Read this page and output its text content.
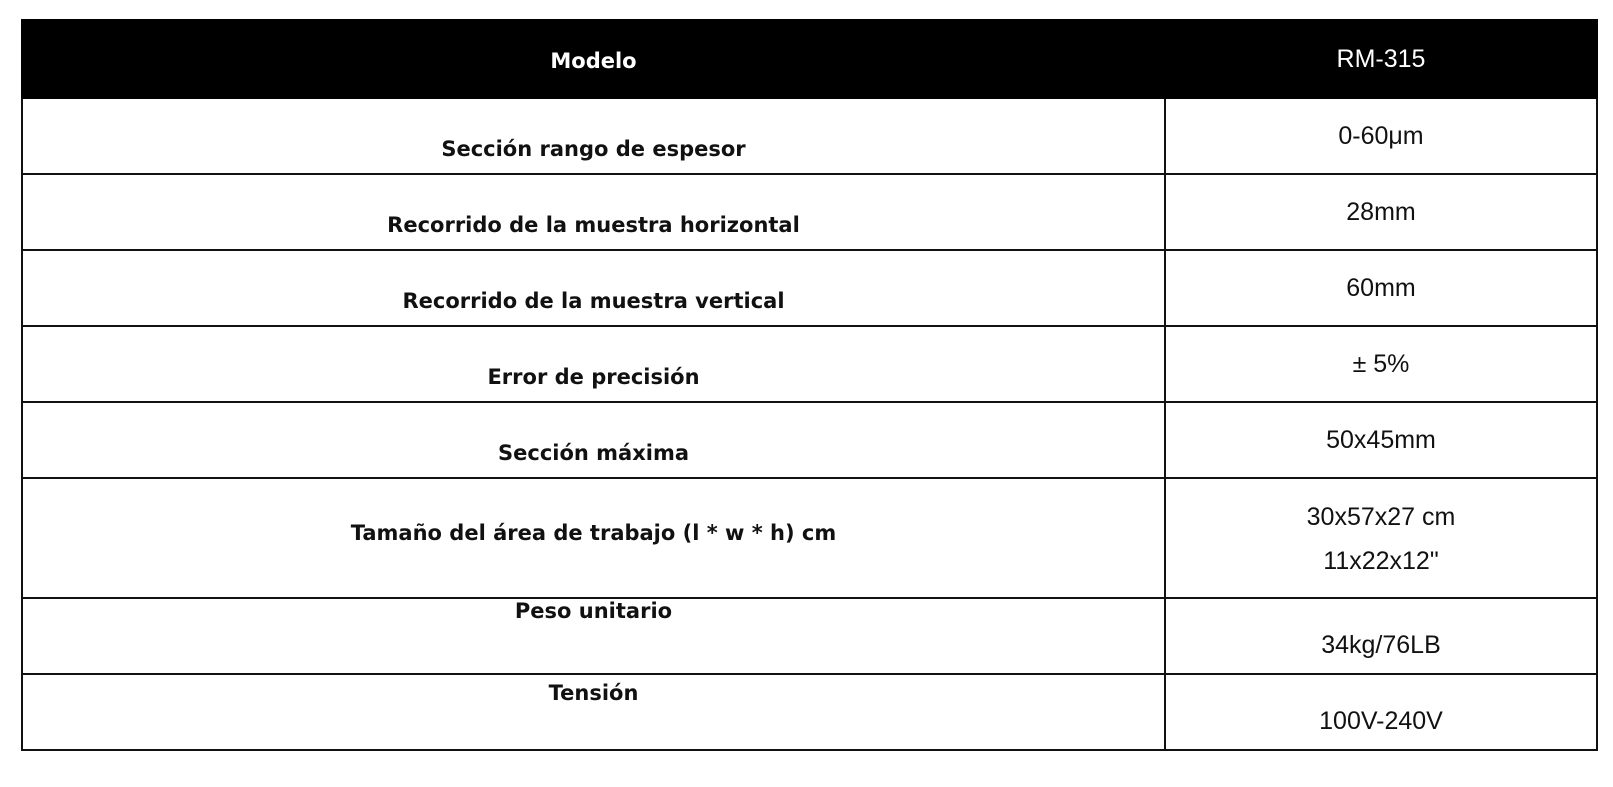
Modelo	RM-315
Sección rango de espesor	0-60μm

Recorrido de la muestra horizontal	28mm

Recorrido de la muestra vertical	60mm

Error de precisión	± 5%

Sección máxima	50x45mm

Tamaño del área de trabajo (l * w * h) cm	30x57x27 cm
11x22x12"

Peso unitario	34kg/76LB

Tensión	100V-240V
